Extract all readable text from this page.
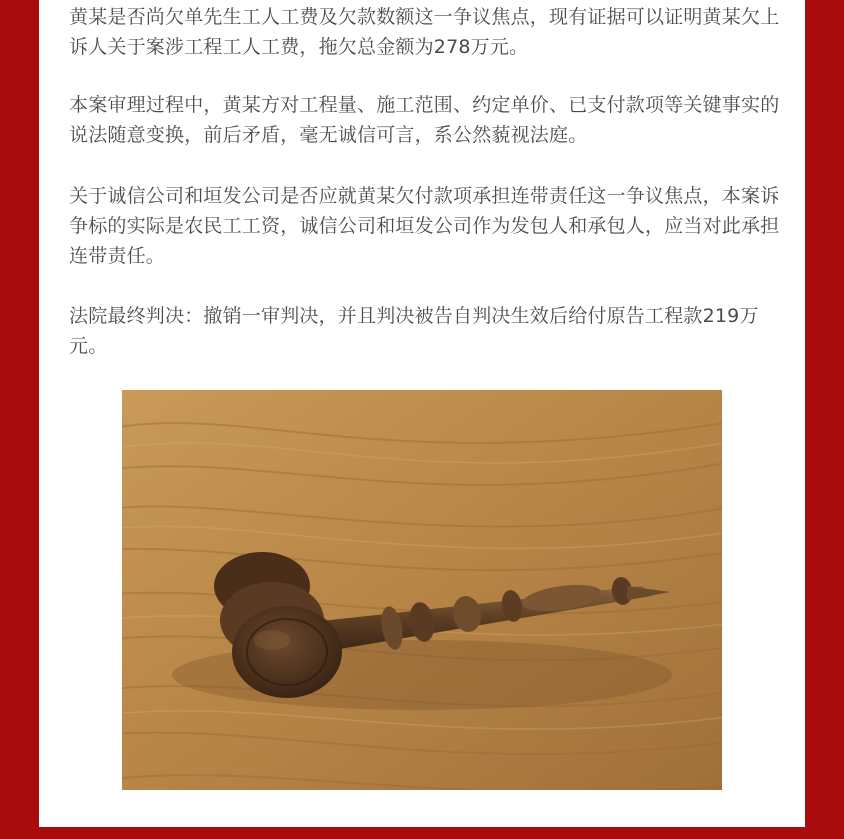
黄某是否尚欠单先生工人工费及欠款数额这一争议焦点，现有证据可以证明黄某欠上诉人关于案涉工程工人工费，拖欠总金额为278万元。

本案审理过程中，黄某方对工程量、施工范围、约定单价、已支付款项等关键事实的说法随意变换，前后矛盾，毫无诚信可言，系公然藐视法庭。

关于诚信公司和垣发公司是否应就黄某欠付款项承担连带责任这一争议焦点，本案诉争标的实际是农民工工资，诚信公司和垣发公司作为发包人和承包人，应当对此承担连带责任。

法院最终判决：撤销一审判决，并且判决被告自判决生效后给付原告工程款219万元。
